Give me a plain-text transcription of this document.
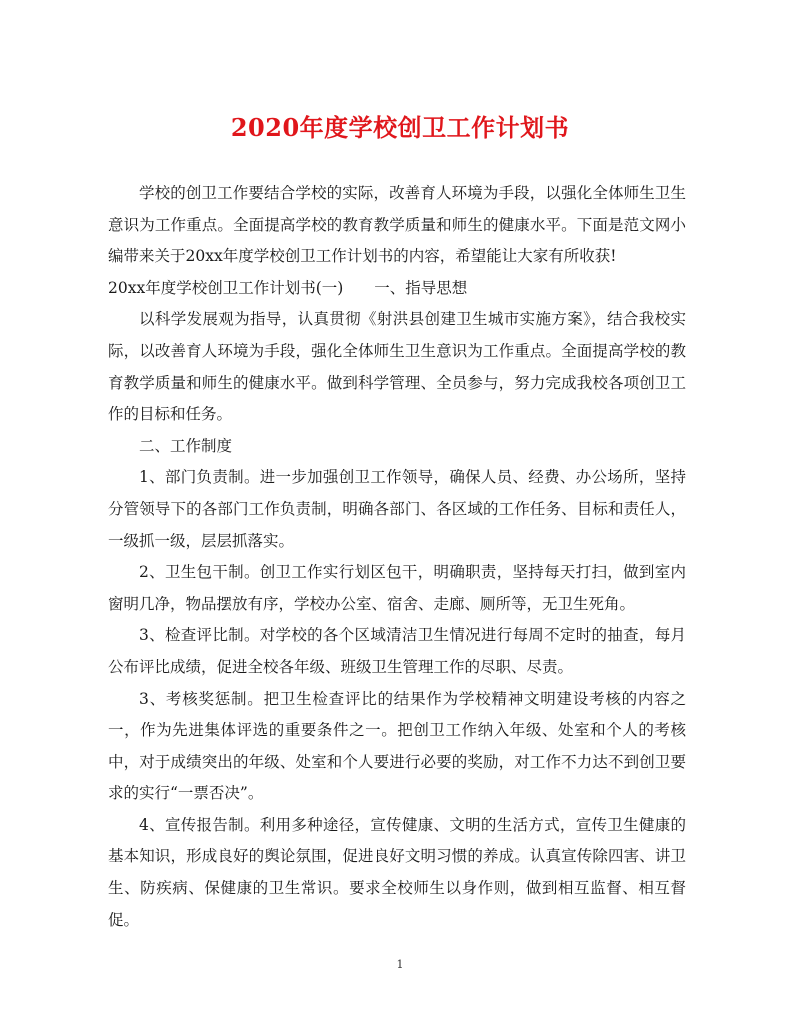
2020年度学校创卫工作计划书

学校的创卫工作要结合学校的实际，改善育人环境为手段，以强化全体师生卫生意识为工作重点。全面提高学校的教育教学质量和师生的健康水平。下面是范文网小编带来关于20xx年度学校创卫工作计划书的内容，希望能让大家有所收获!

20xx年度学校创卫工作计划书(一)　　一、指导思想

以科学发展观为指导，认真贯彻《射洪县创建卫生城市实施方案》，结合我校实际，以改善育人环境为手段，强化全体师生卫生意识为工作重点。全面提高学校的教育教学质量和师生的健康水平。做到科学管理、全员参与，努力完成我校各项创卫工作的目标和任务。

二、工作制度

1、部门负责制。进一步加强创卫工作领导，确保人员、经费、办公场所，坚持分管领导下的各部门工作负责制，明确各部门、各区域的工作任务、目标和责任人，一级抓一级，层层抓落实。

2、卫生包干制。创卫工作实行划区包干，明确职责，坚持每天打扫，做到室内窗明几净，物品摆放有序，学校办公室、宿舍、走廊、厕所等，无卫生死角。

3、检查评比制。对学校的各个区域清洁卫生情况进行每周不定时的抽查，每月公布评比成绩，促进全校各年级、班级卫生管理工作的尽职、尽责。

3、考核奖惩制。把卫生检查评比的结果作为学校精神文明建设考核的内容之一，作为先进集体评选的重要条件之一。把创卫工作纳入年级、处室和个人的考核中，对于成绩突出的年级、处室和个人要进行必要的奖励，对工作不力达不到创卫要求的实行“一票否决”。

4、宣传报告制。利用多种途径，宣传健康、文明的生活方式，宣传卫生健康的基本知识，形成良好的舆论氛围，促进良好文明习惯的养成。认真宣传除四害、讲卫生、防疾病、保健康的卫生常识。要求全校师生以身作则，做到相互监督、相互督促。

1
